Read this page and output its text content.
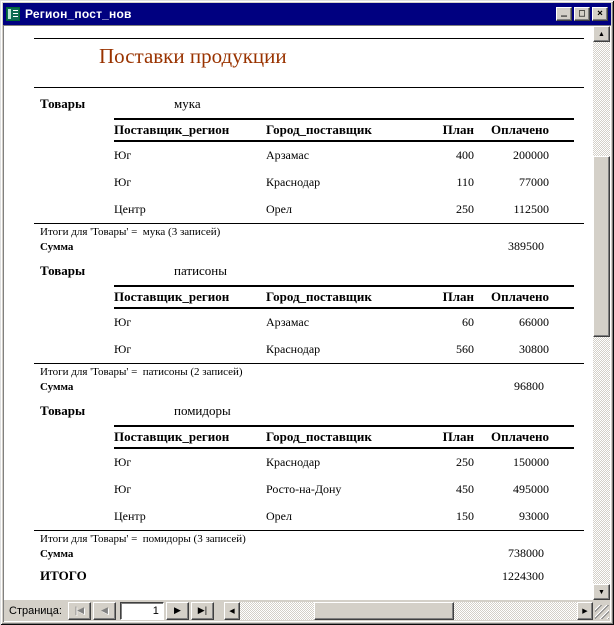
Регион_пост_нов	_	□	×
Поставки продукции
Товары	мука
Поставщик_регион	Город_поставщик	План	Оплачено
Юг	Арзамас	400	200000
Юг	Краснодар	110	77000
Центр	Орел	250	112500
Итоги для 'Товары' =  мука (3 записей)
Сумма	389500
Товары	патисоны
Поставщик_регион	Город_поставщик	План	Оплачено
Юг	Арзамас	60	66000
Юг	Краснодар	560	30800
Итоги для 'Товары' =  патисоны (2 записей)
Сумма	96800
Товары	помидоры
Поставщик_регион	Город_поставщик	План	Оплачено
Юг	Краснодар	250	150000
Юг	Росто-на-Дону	450	495000
Центр	Орел	150	93000
Итоги для 'Товары' =  помидоры (3 записей)
Сумма	738000
ИТОГО	1224300
▲
▼
Страница:	|◀	◀
1	▶	▶|	◀	▶
